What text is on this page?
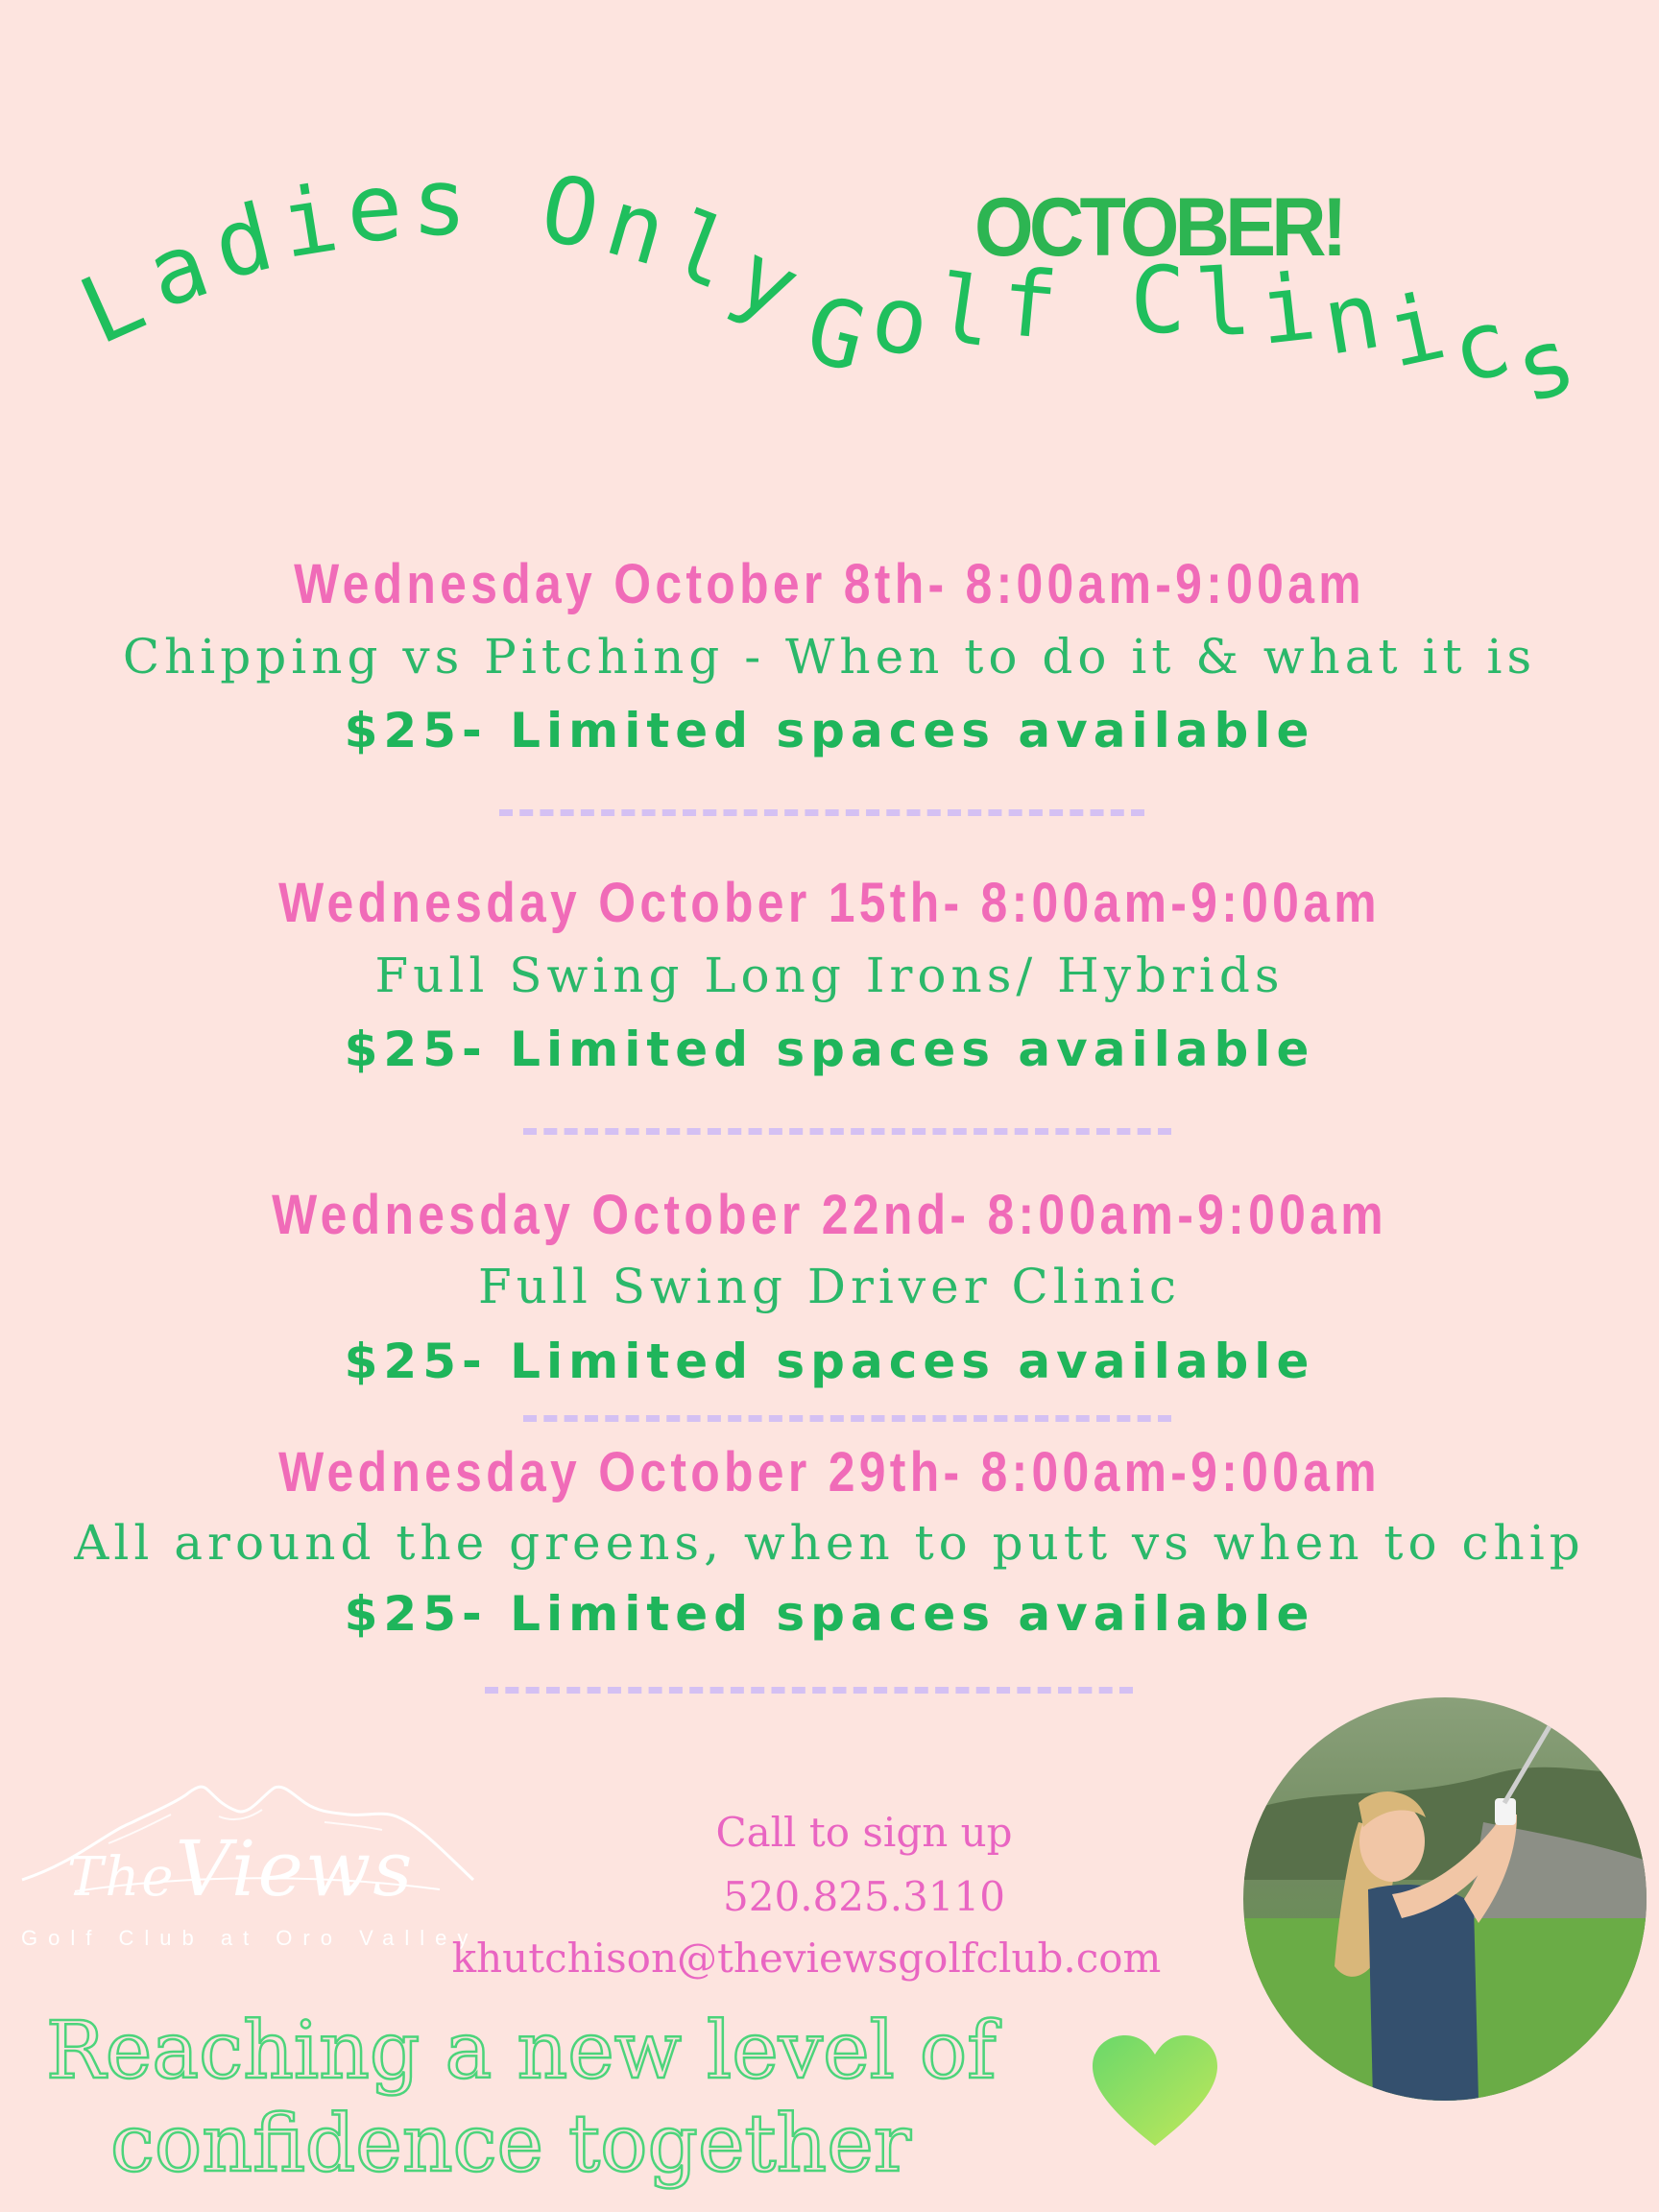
L
a
d
i
e s
O
n
l
y
G
o
l
f
C l i
n
i
c
s
OCTOBER!
Wednesday October 8th- 8:00am-9:00am
Chipping vs Pitching - When to do it & what it is
$25- Limited spaces available
Wednesday October 15th- 8:00am-9:00am
Full Swing Long Irons/ Hybrids
$25- Limited spaces available
Wednesday October 22nd- 8:00am-9:00am
Full Swing Driver Clinic
$25- Limited spaces available
Wednesday October 29th- 8:00am-9:00am
All around the greens, when to putt vs when to chip
$25- Limited spaces available
TheViews
Golf Club at Oro Valley
Call to sign up
520.825.3110
khutchison@theviewsgolfclub.com
Reaching a new level of
confidence together
